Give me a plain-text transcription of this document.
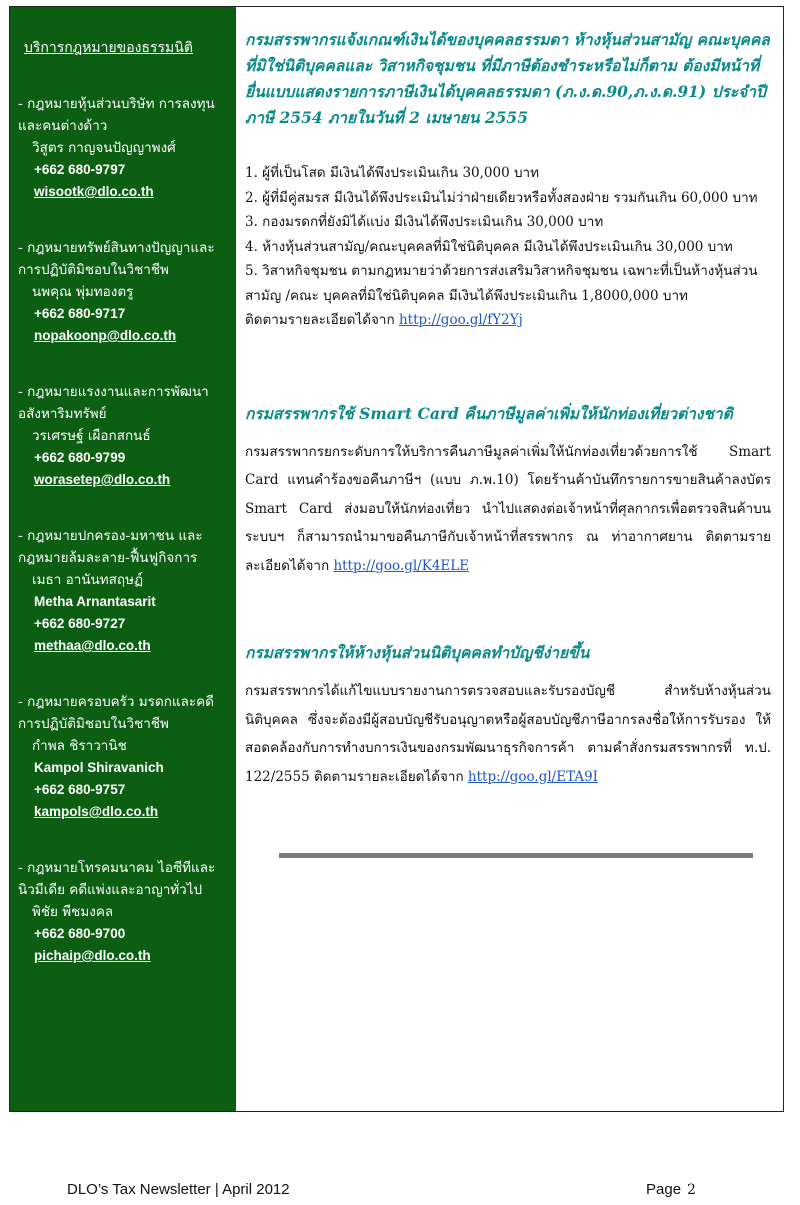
บริการกฎหมายของธรรมนิติ
- กฎหมายหุ้นส่วนบริษัท การลงทุน
และคนต่างด้าว
วิสูตร กาญจนปัญญาพงศ์
+662 680-9797
wisootk@dlo.co.th
- กฎหมายทรัพย์สินทางปัญญาและ
การปฏิบัติมิชอบในวิชาชีพ
นพคุณ พุ่มทองตรู
+662 680-9717
nopakoonp@dlo.co.th
- กฎหมายแรงงานและการพัฒนา
อสังหาริมทรัพย์
วรเศรษฐ์ เผือกสกนธ์
+662 680-9799
worasetep@dlo.co.th
- กฎหมายปกครอง-มหาชน และ
กฎหมายล้มละลาย-ฟื้นฟูกิจการ
เมธา อานันทสฤษฏ์
Metha Arnantasarit
+662 680-9727
methaa@dlo.co.th
- กฎหมายครอบครัว มรดกและคดี
การปฏิบัติมิชอบในวิชาชีพ
กำพล ชิราวานิช
Kampol Shiravanich
+662 680-9757
kampols@dlo.co.th
- กฎหมายโทรคมนาคม ไอซีทีและ
นิวมีเดีย คดีแพ่งและอาญาทั่วไป
พิชัย พืชมงคล
+662 680-9700
pichaip@dlo.co.th
กรมสรรพากรแจ้งเกณฑ์เงินได้ของบุคคลธรรมดา ห้างหุ้นส่วนสามัญ คณะบุคคลที่มิใช่นิติบุคคลและ วิสาหกิจชุมชน ที่มีภาษีต้องชำระหรือไม่ก็ตาม ต้องมีหน้าที่ยื่นแบบแสดงรายการภาษีเงินได้บุคคลธรรมดา (ภ.ง.ด.90,ภ.ง.ด.91) ประจำปีภาษี 2554 ภายในวันที่ 2 เมษายน 2555

1. ผู้ที่เป็นโสด มีเงินได้พึงประเมินเกิน 30,000 บาท

2. ผู้ที่มีคู่สมรส มีเงินได้พึงประเมินไม่ว่าฝ่ายเดียวหรือทั้งสองฝ่าย รวมกันเกิน 60,000 บาท

3. กองมรดกที่ยังมิได้แบ่ง มีเงินได้พึงประเมินเกิน 30,000 บาท

4. ห้างหุ้นส่วนสามัญ/คณะบุคคลที่มิใช่นิติบุคคล มีเงินได้พึงประเมินเกิน 30,000 บาท

5. วิสาหกิจชุมชน ตามกฎหมายว่าด้วยการส่งเสริมวิสาหกิจชุมชน เฉพาะที่เป็นห้างหุ้นส่วนสามัญ /คณะ บุคคลที่มิใช่นิติบุคคล มีเงินได้พึงประเมินเกิน 1,8000,000 บาท

ติดตามรายละเอียดได้จาก http://goo.gl/fY2Yj

กรมสรรพากรใช้ Smart Card คืนภาษีมูลค่าเพิ่มให้นักท่องเที่ยวต่างชาติ

กรมสรรพากรยกระดับการให้บริการคืนภาษีมูลค่าเพิ่มให้นักท่องเที่ยวด้วยการใช้ Smart Card แทนคำร้องขอคืนภาษีฯ (แบบ ภ.พ.10) โดยร้านค้าบันทึกรายการขายสินค้าลงบัตร Smart Card ส่งมอบให้นักท่องเที่ยว นำไปแสดงต่อเจ้าหน้าที่ศุลกากรเพื่อตรวจสินค้าบนระบบฯ ก็สามารถนำมาขอคืนภาษีกับเจ้าหน้าที่สรรพากร ณ ท่าอากาศยาน ติดตามรายละเอียดได้จาก http://goo.gl/K4ELE

กรมสรรพากรให้ห้างหุ้นส่วนนิติบุคคลทำบัญชีง่ายขึ้น

กรมสรรพากรได้แก้ไขแบบรายงานการตรวจสอบและรับรองบัญชี สำหรับห้างหุ้นส่วนนิติบุคคล ซึ่งจะต้องมีผู้สอบบัญชีรับอนุญาตหรือผู้สอบบัญชีภาษีอากรลงชื่อให้การรับรอง ให้สอดคล้องกับการทำงบการเงินของกรมพัฒนาธุรกิจการค้า ตามคำสั่งกรมสรรพากรที่ ท.ป. 122/2555 ติดตามรายละเอียดได้จาก http://goo.gl/ETA9I

DLO’s Tax Newsletter | April 2012	Page 2
